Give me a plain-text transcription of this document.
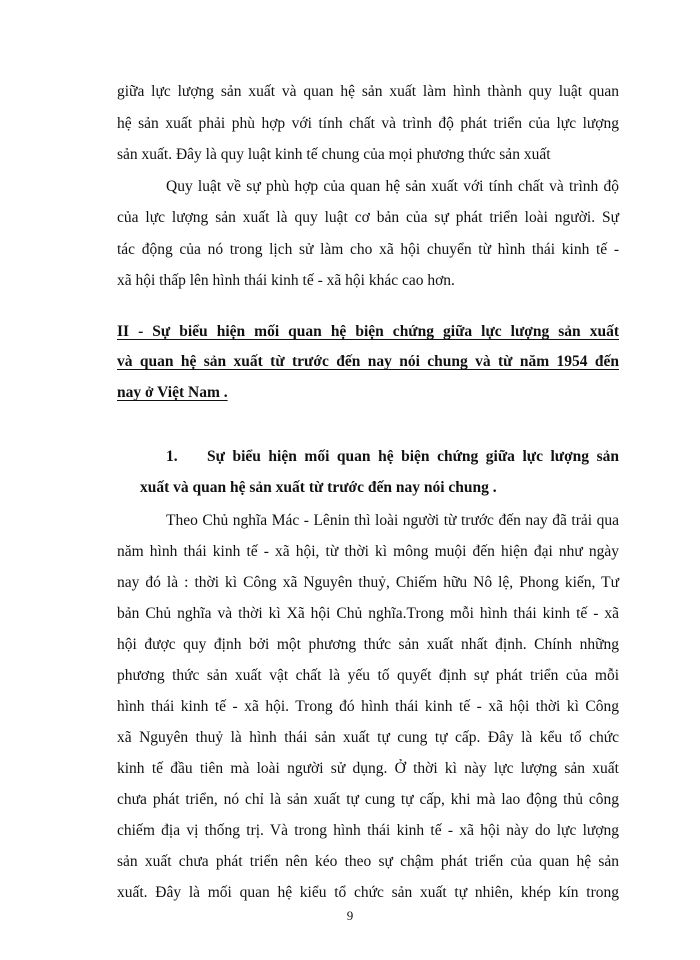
giữa lực lượng sản xuất và quan hệ sản xuất làm hình thành quy luật quan
hệ sản xuất phải phù hợp với tính chất và trình độ phát triển của lực lượng
sản xuất. Đây là quy luật kinh tế chung của mọi phương thức sản xuất
Quy luật về sự phù hợp của quan hệ sản xuất với tính chất và trình độ
của lực lượng sản xuất là quy luật cơ bản của sự phát triển loài người. Sự
tác động của nó trong lịch sử làm cho xã hội chuyển từ hình thái kinh tế -
xã hội thấp lên hình thái kinh tế - xã hội khác cao hơn.
II - Sự biểu hiện mối quan hệ biện chứng giữa lực lượng sản xuất
và quan hệ sản xuất từ trước đến nay nói chung và từ năm 1954 đến
nay ở Việt Nam .
1.	Sự biểu hiện mối quan hệ biện chứng giữa lực lượng sản
xuất và quan hệ sản xuất từ trước đến nay nói chung .
Theo Chủ nghĩa Mác - Lênin thì loài người từ trước đến nay đã trải qua
năm hình thái kinh tế - xã hội, từ thời kì mông muội đến hiện đại như ngày
nay đó là : thời kì Công xã Nguyên thuỷ, Chiếm hữu Nô lệ, Phong kiến, Tư
bản Chủ nghĩa và thời kì Xã hội Chủ nghĩa.Trong mỗi hình thái kinh tế - xã
hội được quy định bởi một phương thức sản xuất nhất định. Chính những
phương thức sản xuất vật chất là yếu tố quyết định sự phát triển của mỗi
hình thái kinh tế - xã hội. Trong đó hình thái kinh tế - xã hội thời kì Công
xã Nguyên thuỷ là hình thái sản xuất tự cung tự cấp. Đây là kểu tổ chức
kinh tế đầu tiên mà loài người sử dụng. Ở thời kì này lực lượng sản xuất
chưa phát triển, nó chỉ là sản xuất tự cung tự cấp, khi mà lao động thủ công
chiếm địa vị thống trị. Và trong hình thái kinh tế - xã hội này do lực lượng
sản xuất chưa phát triển nên kéo theo sự chậm phát triển của quan hệ sản
xuất. Đây là mối quan hệ kiểu tổ chức sản xuất tự nhiên, khép kín trong
9
